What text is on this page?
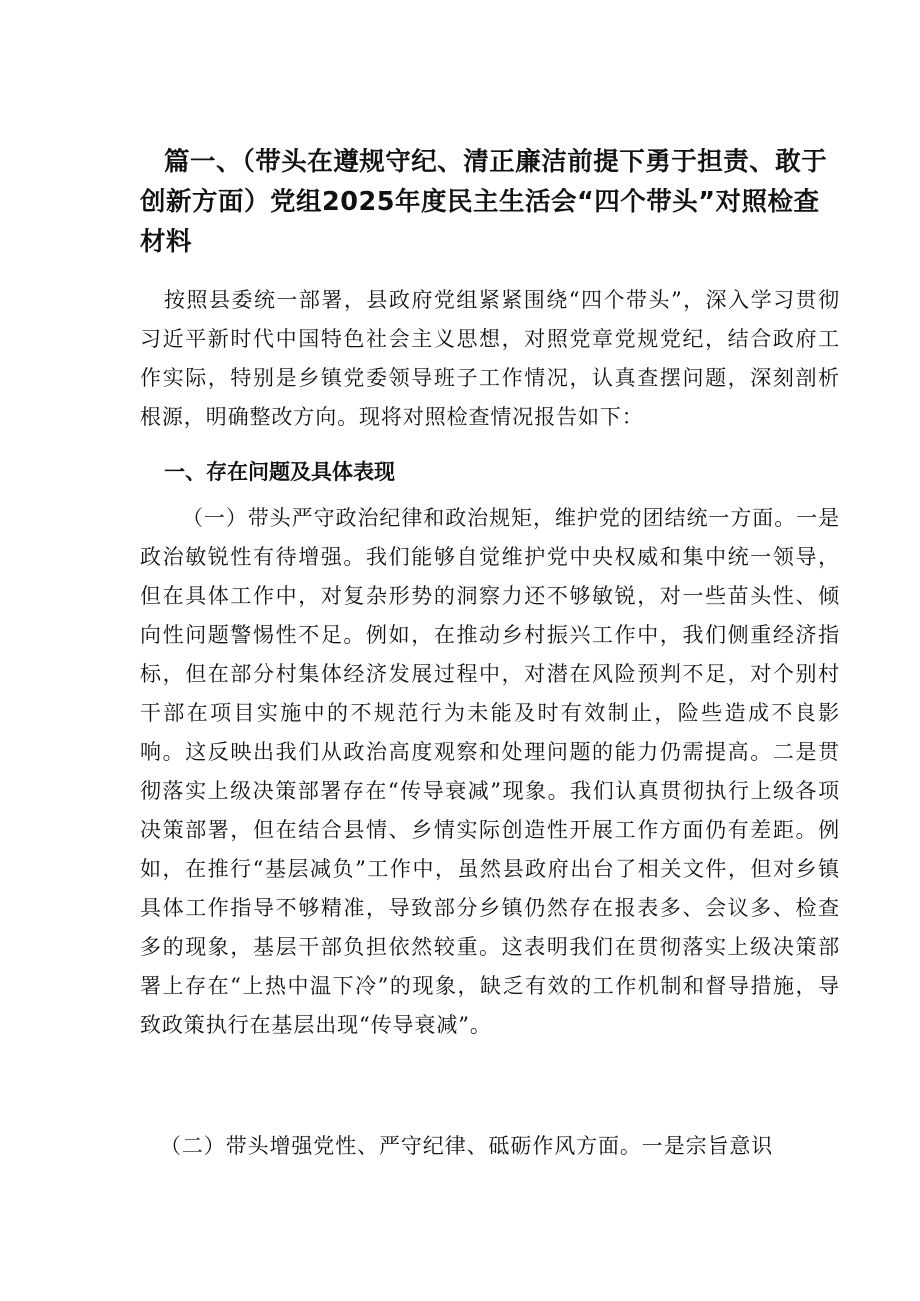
篇一、（带头在遵规守纪、清正廉洁前提下勇于担责、敢于创新方面）党组2025年度民主生活会“四个带头”对照检查材料
按照县委统一部署，县政府党组紧紧围绕“四个带头”，深入学习贯彻习近平新时代中国特色社会主义思想，对照党章党规党纪，结合政府工作实际，特别是乡镇党委领导班子工作情况，认真查摆问题，深刻剖析根源，明确整改方向。现将对照检查情况报告如下：
一、存在问题及具体表现
（一）带头严守政治纪律和政治规矩，维护党的团结统一方面。一是政治敏锐性有待增强。我们能够自觉维护党中央权威和集中统一领导，但在具体工作中，对复杂形势的洞察力还不够敏锐，对一些苗头性、倾向性问题警惕性不足。例如，在推动乡村振兴工作中，我们侧重经济指标，但在部分村集体经济发展过程中，对潜在风险预判不足，对个别村干部在项目实施中的不规范行为未能及时有效制止，险些造成不良影响。这反映出我们从政治高度观察和处理问题的能力仍需提高。二是贯彻落实上级决策部署存在“传导衰减”现象。我们认真贯彻执行上级各项决策部署，但在结合县情、乡情实际创造性开展工作方面仍有差距。例如，在推行“基层减负”工作中，虽然县政府出台了相关文件，但对乡镇具体工作指导不够精准，导致部分乡镇仍然存在报表多、会议多、检查多的现象，基层干部负担依然较重。这表明我们在贯彻落实上级决策部署上存在“上热中温下冷”的现象，缺乏有效的工作机制和督导措施，导致政策执行在基层出现“传导衰减”。
（二）带头增强党性、严守纪律、砥砺作风方面。一是宗旨意识
